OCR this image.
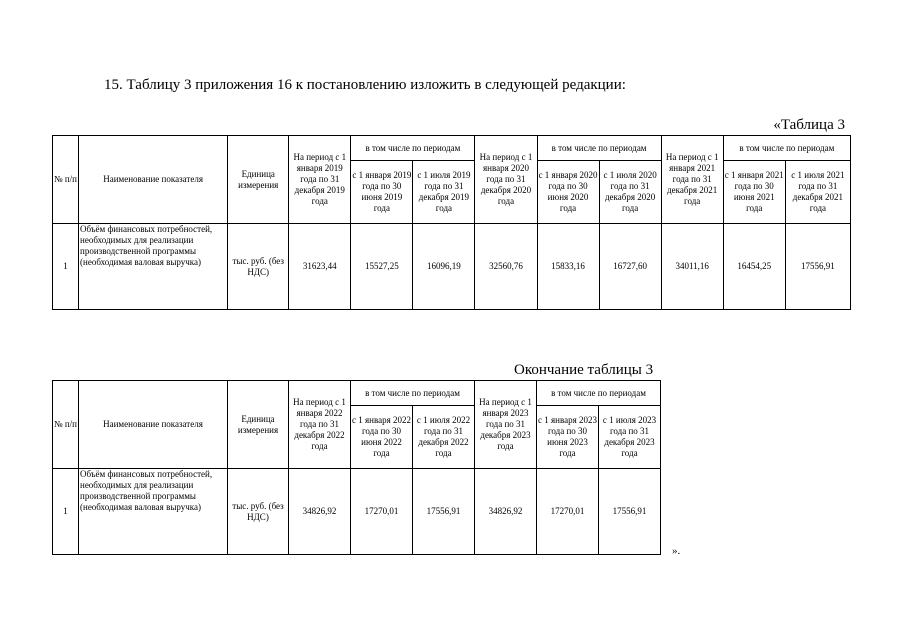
15. Таблицу 3 приложения 16 к постановлению изложить в следующей редакции:
«Таблица 3
№ п/п	Наименование показателя	Единица измерения	На период с 1 января 2019 года по 31 декабря 2019 года	в том числе по периодам		На период с 1 января 2020 года по 31 декабря 2020 года	в том числе по периодам		На период с 1 января 2021 года по 31 декабря 2021 года	в том числе по периодам	
				с 1 января 2019 года по 30 июня 2019 года	с 1 июля 2019 года по 31 декабря 2019 года		с 1 января 2020 года по 30 июня 2020 года	с 1 июля 2020 года по 31 декабря 2020 года		с 1 января 2021 года по 30 июня 2021 года	с 1 июля 2021 года по 31 декабря 2021 года
1	Объём финансовых потребностей, необходимых для реализации производственной программы (необходимая валовая выручка)	тыс. руб. (без НДС)	31623,44	15527,25	16096,19	32560,76	15833,16	16727,60	34011,16	16454,25	17556,91
Окончание таблицы 3
№ п/п	Наименование показателя	Единица измерения	На период с 1 января 2022 года по 31 декабря 2022 года	в том числе по периодам		На период с 1 января 2023 года по 31 декабря 2023 года	в том числе по периодам	
				с 1 января 2022 года по 30 июня 2022 года	с 1 июля 2022 года по 31 декабря 2022 года		с 1 января 2023 года по 30 июня 2023 года	с 1 июля 2023 года по 31 декабря 2023 года
1	Объём финансовых потребностей, необходимых для реализации производственной программы (необходимая валовая выручка)	тыс. руб. (без НДС)	34826,92	17270,01	17556,91	34826,92	17270,01	17556,91
».
